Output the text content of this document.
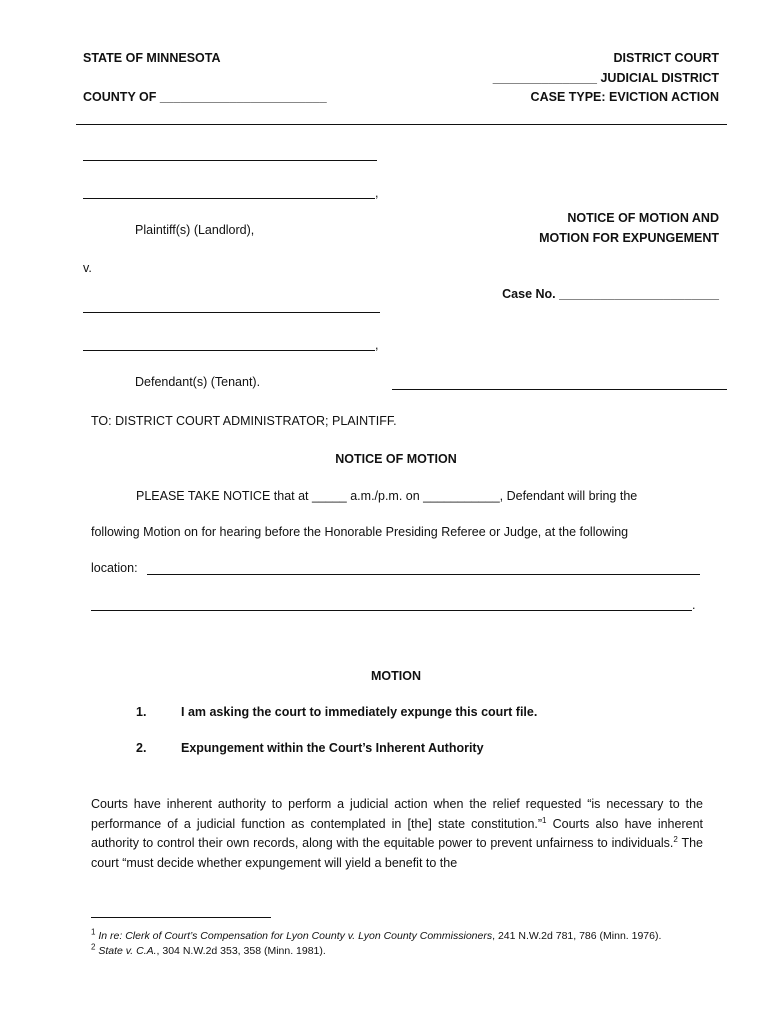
STATE OF MINNESOTA
COUNTY OF ________________________
DISTRICT COURT
_______________ JUDICIAL DISTRICT
CASE TYPE: EVICTION ACTION
,
Plaintiff(s) (Landlord),
v.
,
Defendant(s) (Tenant).
NOTICE OF MOTION AND
MOTION FOR EXPUNGEMENT
Case No. _______________________
TO: DISTRICT COURT ADMINISTRATOR; PLAINTIFF.
NOTICE OF MOTION
PLEASE TAKE NOTICE that at _____ a.m./p.m. on ___________, Defendant will bring the
following Motion on for hearing before the Honorable Presiding Referee or Judge, at the following
location:
.
MOTION
1.	I am asking the court to immediately expunge this court file.
2.	Expungement within the Court’s Inherent Authority
Courts have inherent authority to perform a judicial action when the relief requested “is necessary to the performance of a judicial function as contemplated in [the] state constitution.”$^1$ Courts also have inherent authority to control their own records, along with the equitable power to prevent unfairness to individuals.$^2$ The court “must decide whether expungement will yield a benefit to the
$^1$ In re: Clerk of Court’s Compensation for Lyon County v. Lyon County Commissioners, 241 N.W.2d 781, 786 (Minn. 1976).
$^2$ State v. C.A., 304 N.W.2d 353, 358 (Minn. 1981).
